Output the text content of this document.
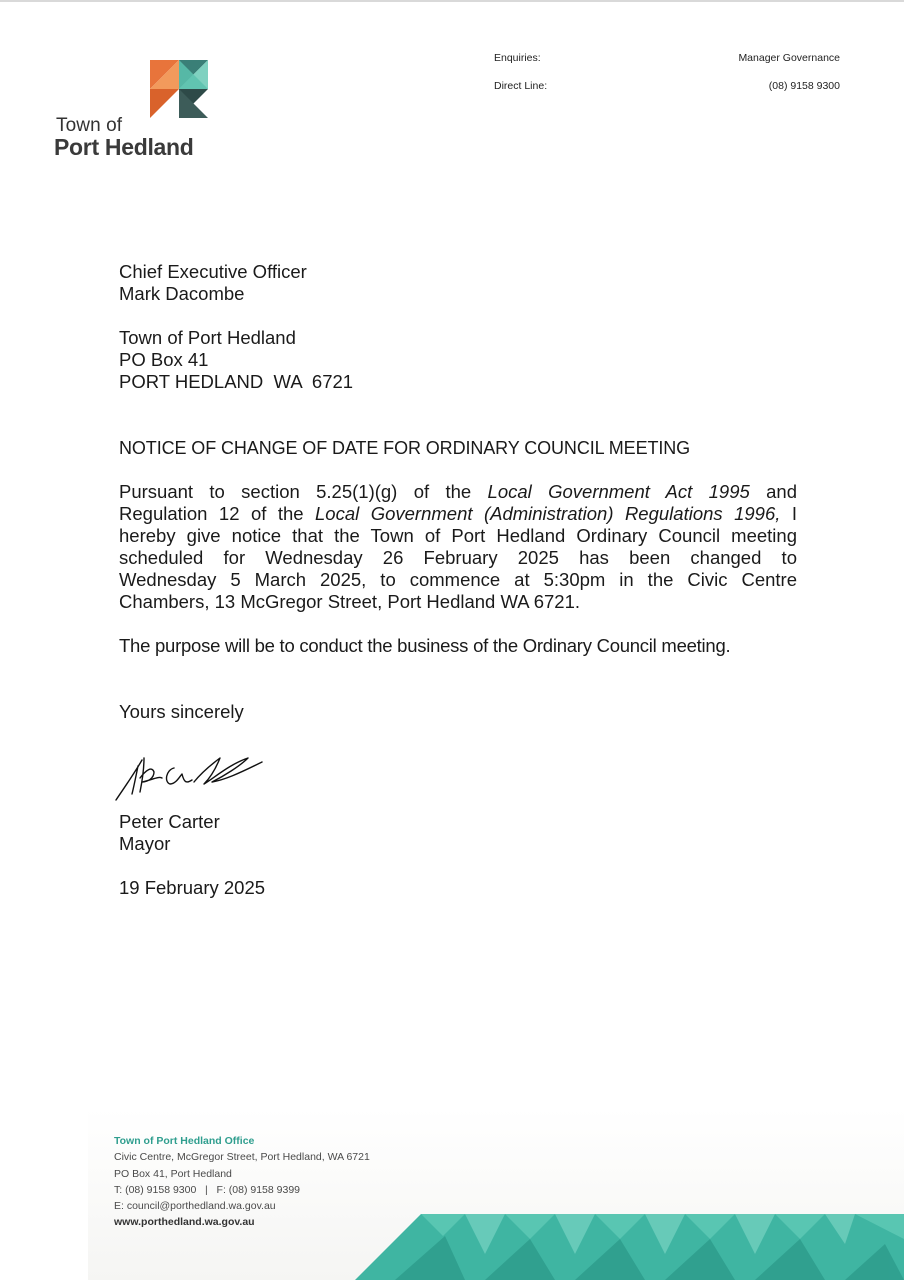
Town of
Port Hedland
Enquiries:	Manager Governance
Direct Line:	(08) 9158 9300
Chief Executive Officer
Mark Dacombe
Town of Port Hedland
PO Box 41
PORT HEDLAND  WA  6721
NOTICE OF CHANGE OF DATE FOR ORDINARY COUNCIL MEETING
Pursuant to section 5.25(1)(g) of the Local Government Act 1995 and
Regulation 12 of the Local Government (Administration) Regulations 1996, I
hereby give notice that the Town of Port Hedland Ordinary Council meeting
scheduled for Wednesday 26 February 2025 has been changed to
Wednesday 5 March 2025, to commence at 5:30pm in the Civic Centre
Chambers, 13 McGregor Street, Port Hedland WA 6721.
The purpose will be to conduct the business of the Ordinary Council meeting.
Yours sincerely
Peter Carter
Mayor
19 February 2025
Town of Port Hedland Office
Civic Centre, McGregor Street, Port Hedland, WA 6721
PO Box 41, Port Hedland
T: (08) 9158 9300   |   F: (08) 9158 9399
E: council@porthedland.wa.gov.au
www.porthedland.wa.gov.au
